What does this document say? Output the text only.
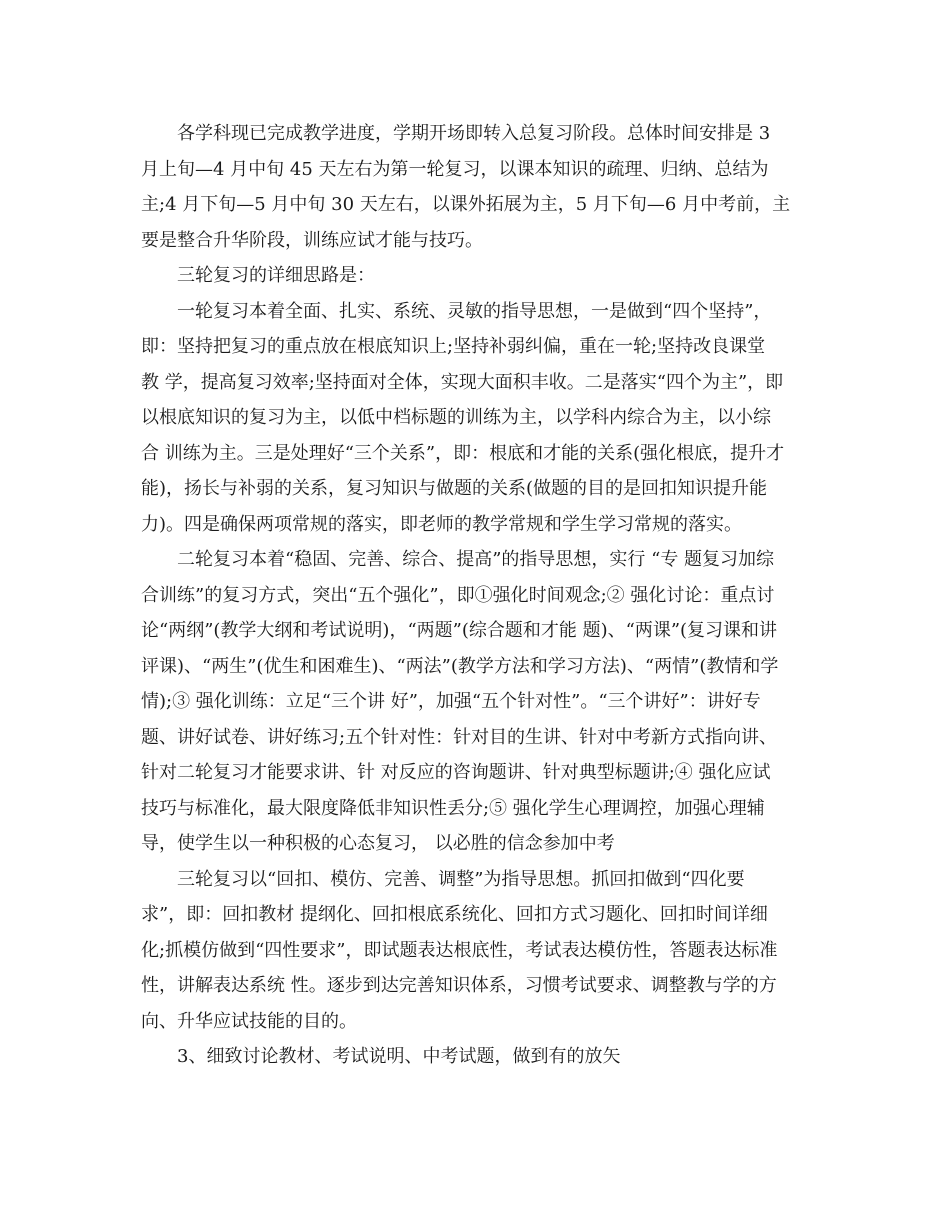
各学科现已完成教学进度，学期开场即转入总复习阶段。总体时间安排是 3
月上旬—4 月中旬 45 天左右为第一轮复习，以课本知识的疏理、归纳、总结为
主;4 月下旬—5 月中旬 30 天左右，以课外拓展为主，5 月下旬—6 月中考前，主
要是整合升华阶段，训练应试才能与技巧。
三轮复习的详细思路是：
一轮复习本着全面、扎实、系统、灵敏的指导思想，一是做到“四个坚持”，
即：坚持把复习的重点放在根底知识上;坚持补弱纠偏，重在一轮;坚持改良课堂
教 学，提高复习效率;坚持面对全体，实现大面积丰收。二是落实“四个为主”，即
以根底知识的复习为主，以低中档标题的训练为主，以学科内综合为主，以小综
合 训练为主。三是处理好“三个关系”，即：根底和才能的关系(强化根底，提升才
能)，扬长与补弱的关系，复习知识与做题的关系(做题的目的是回扣知识提升能
力)。四是确保两项常规的落实，即老师的教学常规和学生学习常规的落实。
二轮复习本着“稳固、完善、综合、提高”的指导思想，实行 “专 题复习加综
合训练”的复习方式，突出“五个强化”，即①强化时间观念;② 强化讨论：重点讨
论“两纲”(教学大纲和考试说明)，“两题”(综合题和才能 题)、“两课”(复习课和讲
评课)、“两生”(优生和困难生)、“两法”(教学方法和学习方法)、“两情”(教情和学
情);③ 强化训练：立足“三个讲 好”，加强“五个针对性”。“三个讲好”：讲好专
题、讲好试卷、讲好练习;五个针对性：针对目的生讲、针对中考新方式指向讲、
针对二轮复习才能要求讲、针 对反应的咨询题讲、针对典型标题讲;④ 强化应试
技巧与标准化，最大限度降低非知识性丢分;⑤ 强化学生心理调控，加强心理辅
导，使学生以一种积极的心态复习， 以必胜的信念参加中考
三轮复习以“回扣、模仿、完善、调整”为指导思想。抓回扣做到“四化要
求”，即：回扣教材 提纲化、回扣根底系统化、回扣方式习题化、回扣时间详细
化;抓模仿做到“四性要求”，即试题表达根底性，考试表达模仿性，答题表达标准
性，讲解表达系统 性。逐步到达完善知识体系，习惯考试要求、调整教与学的方
向、升华应试技能的目的。
3、细致讨论教材、考试说明、中考试题，做到有的放矢
